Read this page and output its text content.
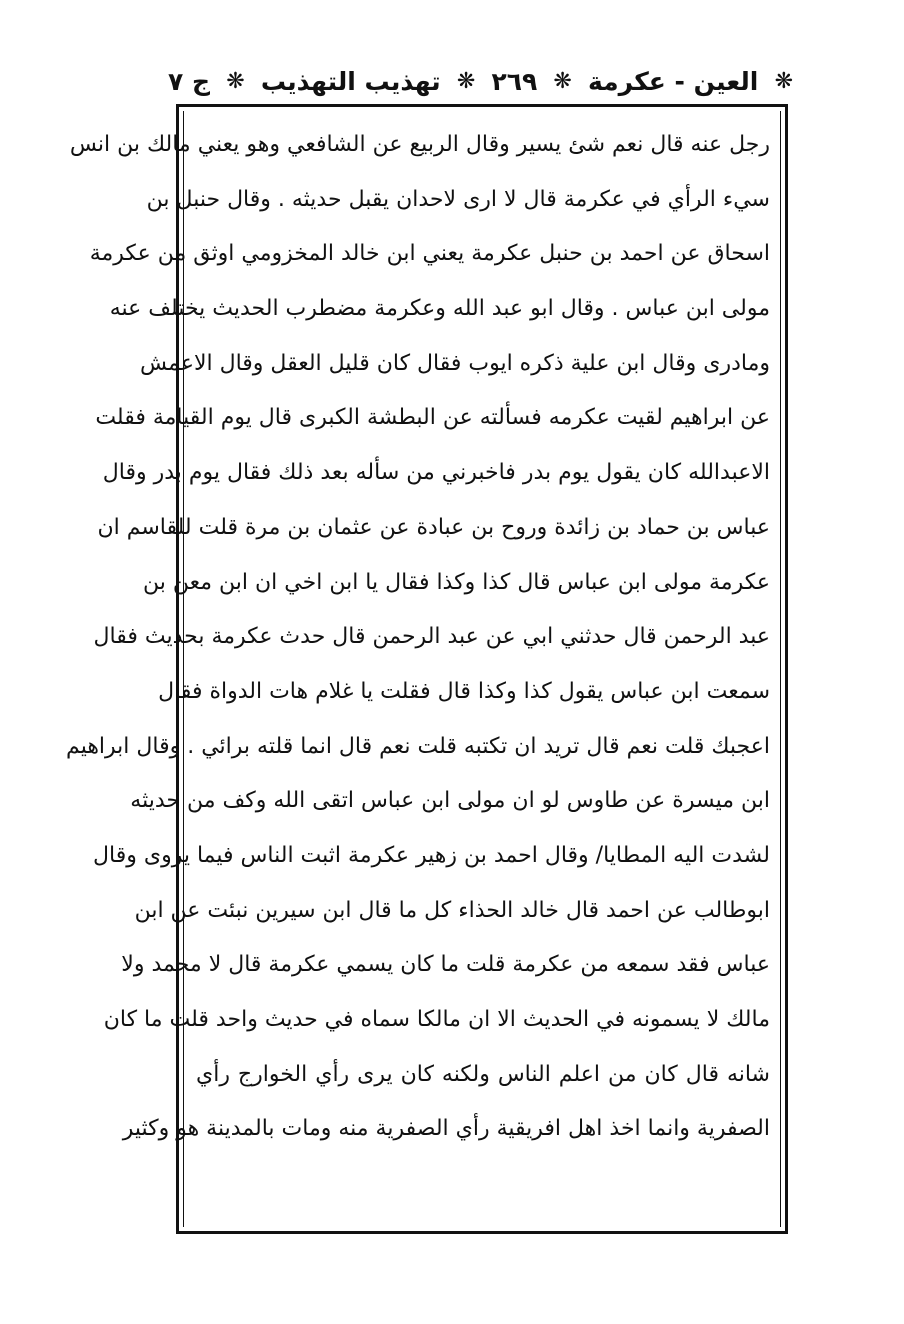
ج ٧ ❋ تهذيب التهذيب ❋ ٢٦٩ ❋ العين - عكرمة ❋
رجل عنه قال نعم شئ يسير وقال الربيع عن الشافعي وهو يعني مالك بن انس
سيء الرأي في عكرمة قال لا ارى لاحدان يقبل حديثه . وقال حنبل بن
اسحاق عن احمد بن حنبل عكرمة يعني ابن خالد المخزومي اوثق من عكرمة
مولى ابن عباس . وقال ابو عبد الله وعكرمة مضطرب الحديث يختلف عنه
ومادرى وقال ابن علية ذكره ايوب فقال كان قليل العقل وقال الاعمش
عن ابراهيم لقيت عكرمه فسألته عن البطشة الكبرى قال يوم القيامة فقلت
الاعبدالله كان يقول يوم بدر فاخبرني من سأله بعد ذلك فقال يوم بدر وقال
عباس بن حماد بن زائدة وروح بن عبادة عن عثمان بن مرة قلت للقاسم ان
عكرمة مولى ابن عباس قال كذا وكذا فقال يا ابن اخي ان ابن معن بن
عبد الرحمن قال حدثني ابي عن عبد الرحمن قال حدث عكرمة بحديث فقال
سمعت ابن عباس يقول كذا وكذا قال فقلت يا غلام هات الدواة فقال
اعجبك قلت نعم قال تريد ان تكتبه قلت نعم قال انما قلته برائي . وقال ابراهيم
ابن ميسرة عن طاوس لو ان مولى ابن عباس اتقى الله وكف من حديثه
لشدت اليه المطايا/ وقال احمد بن زهير عكرمة اثبت الناس فيما يروى وقال
ابوطالب عن احمد قال خالد الحذاء كل ما قال ابن سيرين نبئت عن ابن
عباس فقد سمعه من عكرمة قلت ما كان يسمي عكرمة قال لا محمد ولا
مالك لا يسمونه في الحديث الا ان مالكا سماه في حديث واحد قلت ما كان
شانه قال كان من اعلم الناس ولكنه كان يرى رأي الخوارج رأي
الصفرية وانما اخذ اهل افريقية رأي الصفرية منه ومات بالمدينة هو وكثير
